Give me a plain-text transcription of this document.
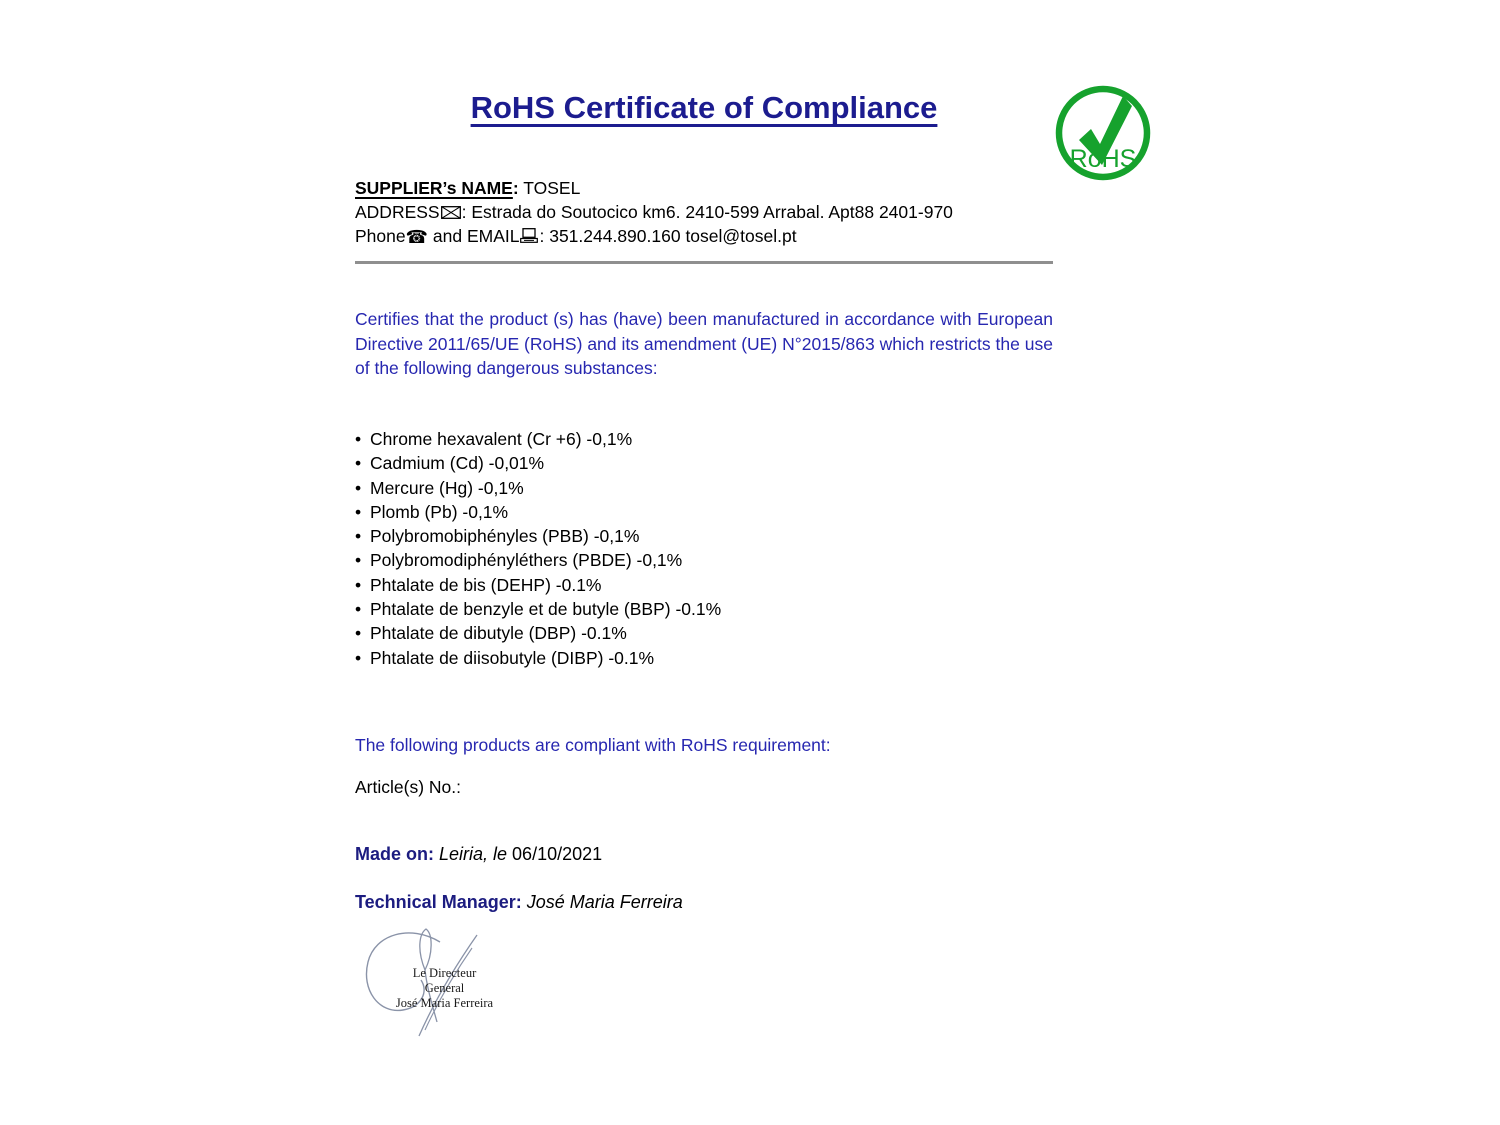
RoHS Certificate of Compliance
RoHS
SUPPLIER’s NAME: TOSEL
ADDRESS : Estrada do Soutocico km6. 2410-599 Arrabal. Apt88 2401-970
Phone☎ and EMAIL : 351.244.890.160 tosel@tosel.pt

Certifies that the product (s) has (have) been manufactured in accordance with European Directive 2011/65/UE (RoHS) and its amendment (UE) N°2015/863 which restricts the use of the following dangerous substances:

• Chrome hexavalent (Cr +6) -0,1%
• Cadmium (Cd) -0,01%
• Mercure (Hg) -0,1%
• Plomb (Pb) -0,1%
• Polybromobiphényles (PBB) -0,1%
• Polybromodiphényléthers (PBDE) -0,1%
• Phtalate de bis (DEHP) -0.1%
• Phtalate de benzyle et de butyle (BBP) -0.1%
• Phtalate de dibutyle (DBP) -0.1%
• Phtalate de diisobutyle (DIBP) -0.1%
The following products are compliant with RoHS requirement:
Article(s) No.:
Made on: Leiria, le 06/10/2021
Technical Manager: José Maria Ferreira
Le Directeur General
José Maria Ferreira
